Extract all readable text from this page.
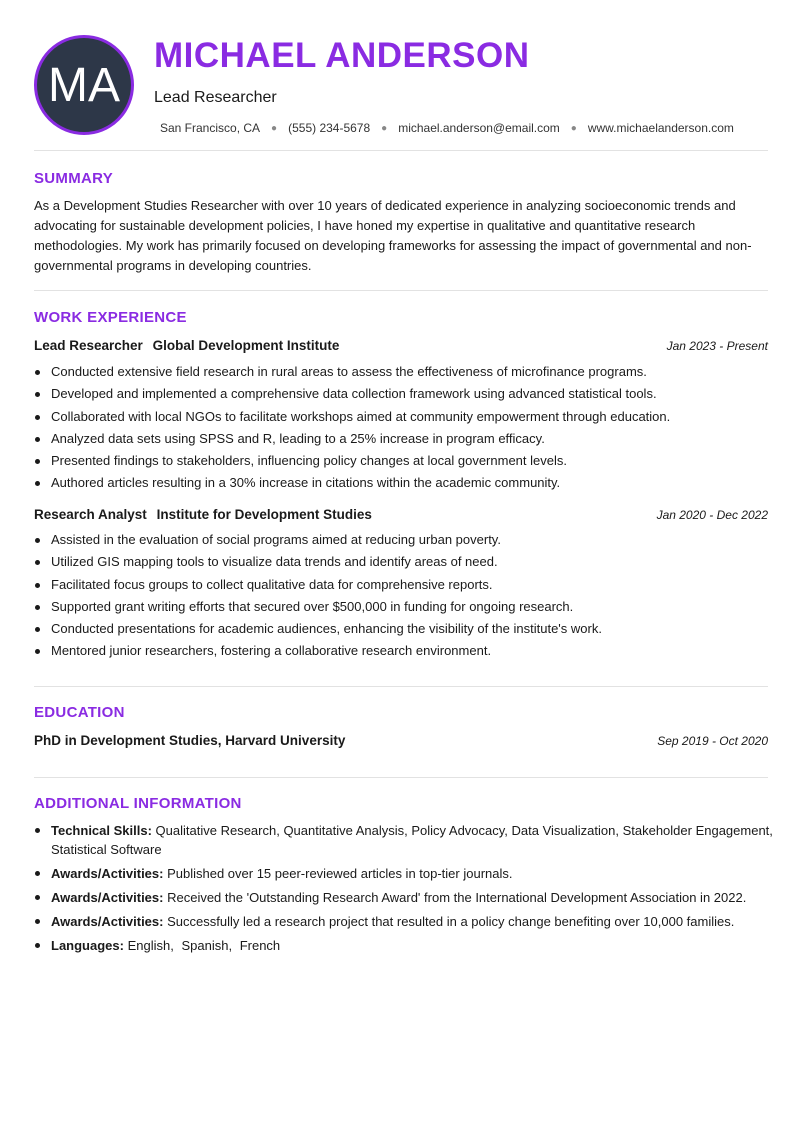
MA
MICHAEL ANDERSON
Lead Researcher
San Francisco, CA ● (555) 234-5678 ● michael.anderson@email.com ● www.michaelanderson.com
SUMMARY

As a Development Studies Researcher with over 10 years of dedicated experience in analyzing socioeconomic trends and advocating for sustainable development policies, I have honed my expertise in qualitative and quantitative research methodologies. My work has primarily focused on developing frameworks for assessing the impact of governmental and non-governmental programs in developing countries.

WORK EXPERIENCE
Lead Researcher Global Development Institute	Jan 2023 - Present
Conducted extensive field research in rural areas to assess the effectiveness of microfinance programs.
Developed and implemented a comprehensive data collection framework using advanced statistical tools.
Collaborated with local NGOs to facilitate workshops aimed at community empowerment through education.
Analyzed data sets using SPSS and R, leading to a 25% increase in program efficacy.
Presented findings to stakeholders, influencing policy changes at local government levels.
Authored articles resulting in a 30% increase in citations within the academic community.
Research Analyst Institute for Development Studies	Jan 2020 - Dec 2022
Assisted in the evaluation of social programs aimed at reducing urban poverty.
Utilized GIS mapping tools to visualize data trends and identify areas of need.
Facilitated focus groups to collect qualitative data for comprehensive reports.
Supported grant writing efforts that secured over $500,000 in funding for ongoing research.
Conducted presentations for academic audiences, enhancing the visibility of the institute's work.
Mentored junior researchers, fostering a collaborative research environment.
EDUCATION
PhD in Development Studies, Harvard University	Sep 2019 - Oct 2020
ADDITIONAL INFORMATION
Technical Skills: Qualitative Research, Quantitative Analysis, Policy Advocacy, Data Visualization, Stakeholder Engagement, Statistical Software
Awards/Activities: Published over 15 peer-reviewed articles in top-tier journals.
Awards/Activities: Received the 'Outstanding Research Award' from the International Development Association in 2022.
Awards/Activities: Successfully led a research project that resulted in a policy change benefiting over 10,000 families.
Languages: English, Spanish, French
